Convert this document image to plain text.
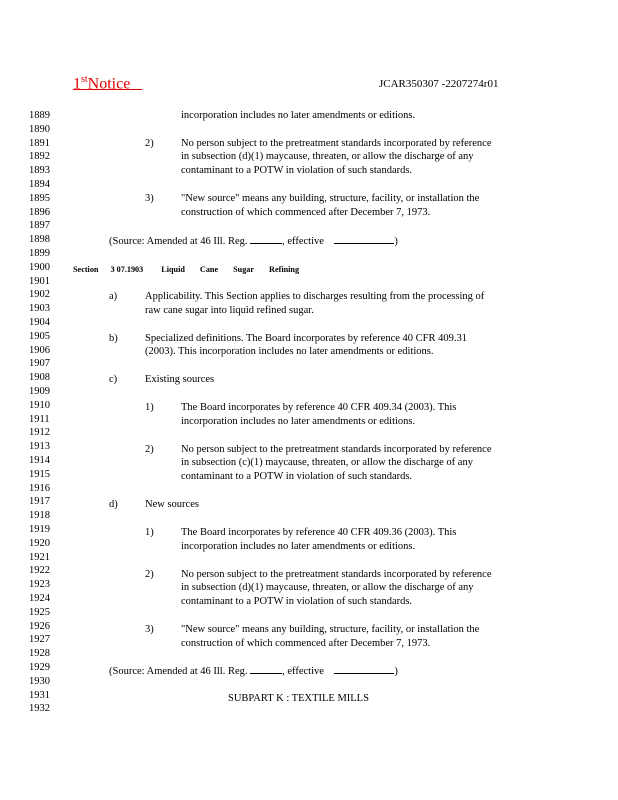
1stNotice	JCAR350307 -2207274r01
1889
1890
1891
1892
1893
1894
1895
1896
1897
1898
1899
1900
1901
1902
1903
1904
1905
1906
1907
1908
1909
1910
1911
1912
1913
1914
1915
1916
1917
1918
1919
1920
1921
1922
1923
1924
1925
1926
1927
1928
1929
1930
1931
1932
incorporation includes no later amendments or editions.
2)	No person subject to the pretreatment standards incorporated by reference
in subsection (d)(1) maycause, threaten, or allow the discharge of any
contaminant to a POTW in violation of such standards.
3)	"New source" means any building, structure, facility, or installation the
construction of which commenced after December 7, 1973.
(Source: Amended at 46 Ill. Reg.	, effective	)
Section 3 07.1903 Liquid Cane Sugar Refining
a)	Applicability. This Section applies to discharges resulting from the processing of
raw cane sugar into liquid refined sugar.
b)	Specialized definitions. The Board incorporates by reference 40 CFR 409.31
(2003). This incorporation includes no later amendments or editions.
c)	Existing sources
1)	The Board incorporates by reference 40 CFR 409.34 (2003). This
incorporation includes no later amendments or editions.
2)	No person subject to the pretreatment standards incorporated by reference
in subsection (c)(1) maycause, threaten, or allow the discharge of any
contaminant to a POTW in violation of such standards.
d)	New sources
1)	The Board incorporates by reference 40 CFR 409.36 (2003). This
incorporation includes no later amendments or editions.
2)	No person subject to the pretreatment standards incorporated by reference
in subsection (d)(1) maycause, threaten, or allow the discharge of any
contaminant to a POTW in violation of such standards.
3)	"New source" means any building, structure, facility, or installation the
construction of which commenced after December 7, 1973.
(Source: Amended at 46 Ill. Reg.	, effective	)
SUBPART K : TEXTILE MILLS
